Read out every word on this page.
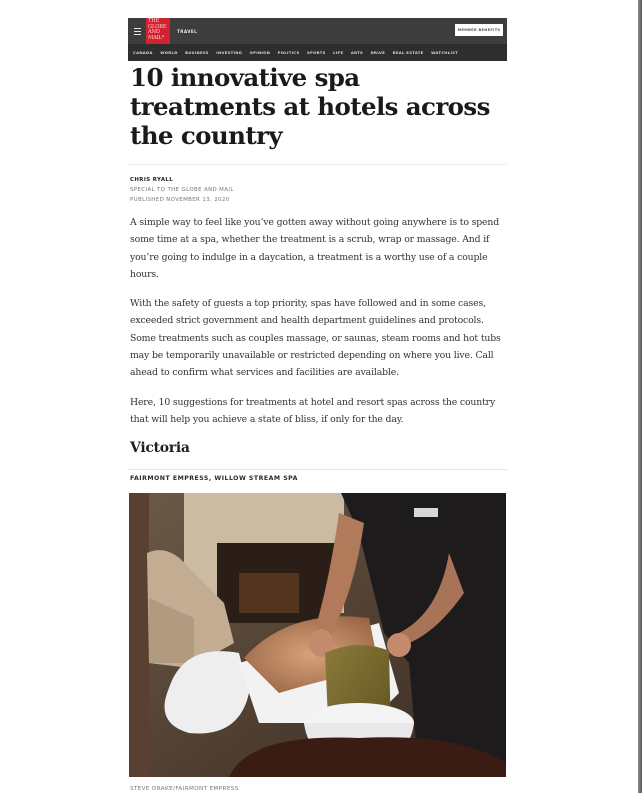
THE
GLOBE
AND
MAIL*
TRAVEL	MEMBER BENEFITS
CANADA WORLD BUSINESS INVESTING OPINION POLITICS SPORTS LIFE ARTS DRIVE REAL ESTATE WATCHLIST
10 innovative spa treatments at hotels across the country
CHRIS RYALL
SPECIAL TO THE GLOBE AND MAIL
PUBLISHED NOVEMBER 13, 2020

A simple way to feel like you’ve gotten away without going anywhere is to spend some time at a spa, whether the treatment is a scrub, wrap or massage. And if you’re going to indulge in a daycation, a treatment is a worthy use of a couple hours.

With the safety of guests a top priority, spas have followed and in some cases, exceeded strict government and health department guidelines and protocols. Some treatments such as couples massage, or saunas, steam rooms and hot tubs may be temporarily unavailable or restricted depending on where you live. Call ahead to confirm what services and facilities are available.

Here, 10 suggestions for treatments at hotel and resort spas across the country that will help you achieve a state of bliss, if only for the day.

Victoria
FAIRMONT EMPRESS, WILLOW STREAM SPA
STEVE DRAKE/FAIRMONT EMPRESS
